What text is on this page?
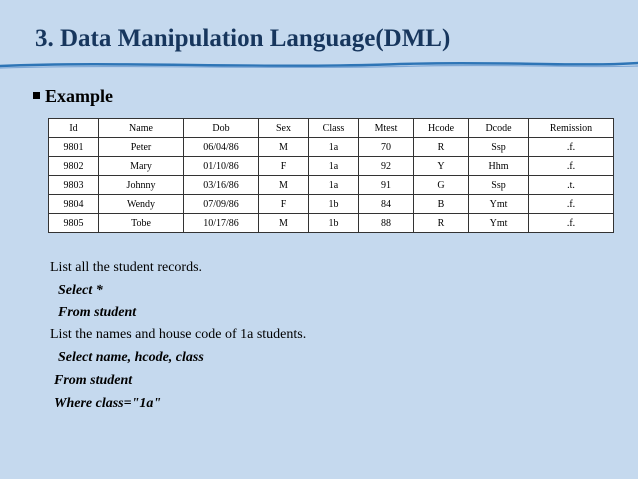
3. Data Manipulation Language(DML)
Example
Id	Name	Dob	Sex	Class	Mtest	Hcode	Dcode	Remission
9801	Peter	06/04/86	M	1a	70	R	Ssp	.f.
9802	Mary	01/10/86	F	1a	92	Y	Hhm	.f.
9803	Johnny	03/16/86	M	1a	91	G	Ssp	.t.
9804	Wendy	07/09/86	F	1b	84	B	Ymt	.f.
9805	Tobe	10/17/86	M	1b	88	R	Ymt	.f.
List all the student records.
Select *
From student
List the names and house code of 1a students.
Select name, hcode, class
From student
Where class="1a"
